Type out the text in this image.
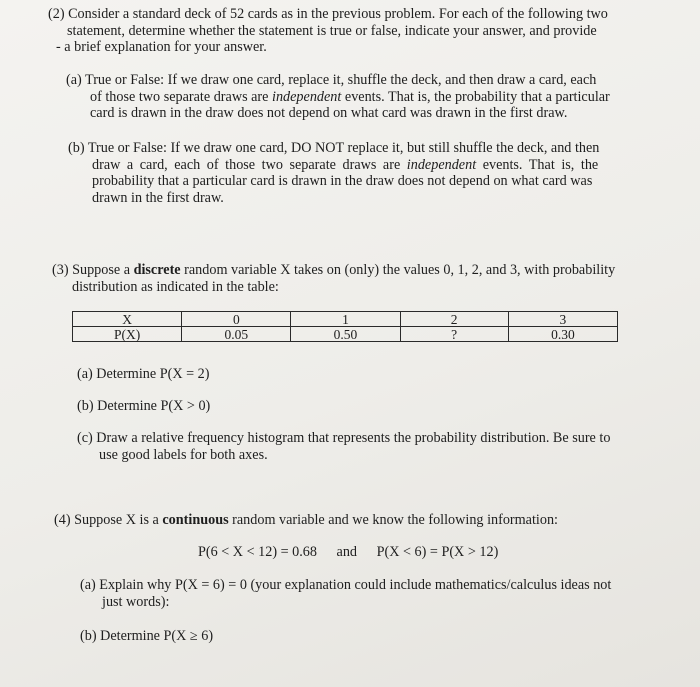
(2) Consider a standard deck of 52 cards as in the previous problem. For each of the following two
statement, determine whether the statement is true or false, indicate your answer, and provide
- a brief explanation for your answer.
(a) True or False: If we draw one card, replace it, shuffle the deck, and then draw a card, each
of those two separate draws are independent events. That is, the probability that a particular
card is drawn in the draw does not depend on what card was drawn in the first draw.
(b) True or False: If we draw one card, DO NOT replace it, but still shuffle the deck, and then
draw a card, each of those two separate draws are independent events. That is, the
probability that a particular card is drawn in the draw does not depend on what card was
drawn in the first draw.
(3) Suppose a discrete random variable X takes on (only) the values 0, 1, 2, and 3, with probability
distribution as indicated in the table:
X	0	1	2	3
P(X)	0.05	0.50	?	0.30
(a) Determine P(X = 2)
(b) Determine P(X > 0)
(c) Draw a relative frequency histogram that represents the probability distribution. Be sure to
use good labels for both axes.
(4) Suppose X is a continuous random variable and we know the following information:
P(6 < X < 12) = 0.68 and P(X < 6) = P(X > 12)
(a) Explain why P(X = 6) = 0 (your explanation could include mathematics/calculus ideas not
just words):
(b) Determine P(X ≥ 6)
